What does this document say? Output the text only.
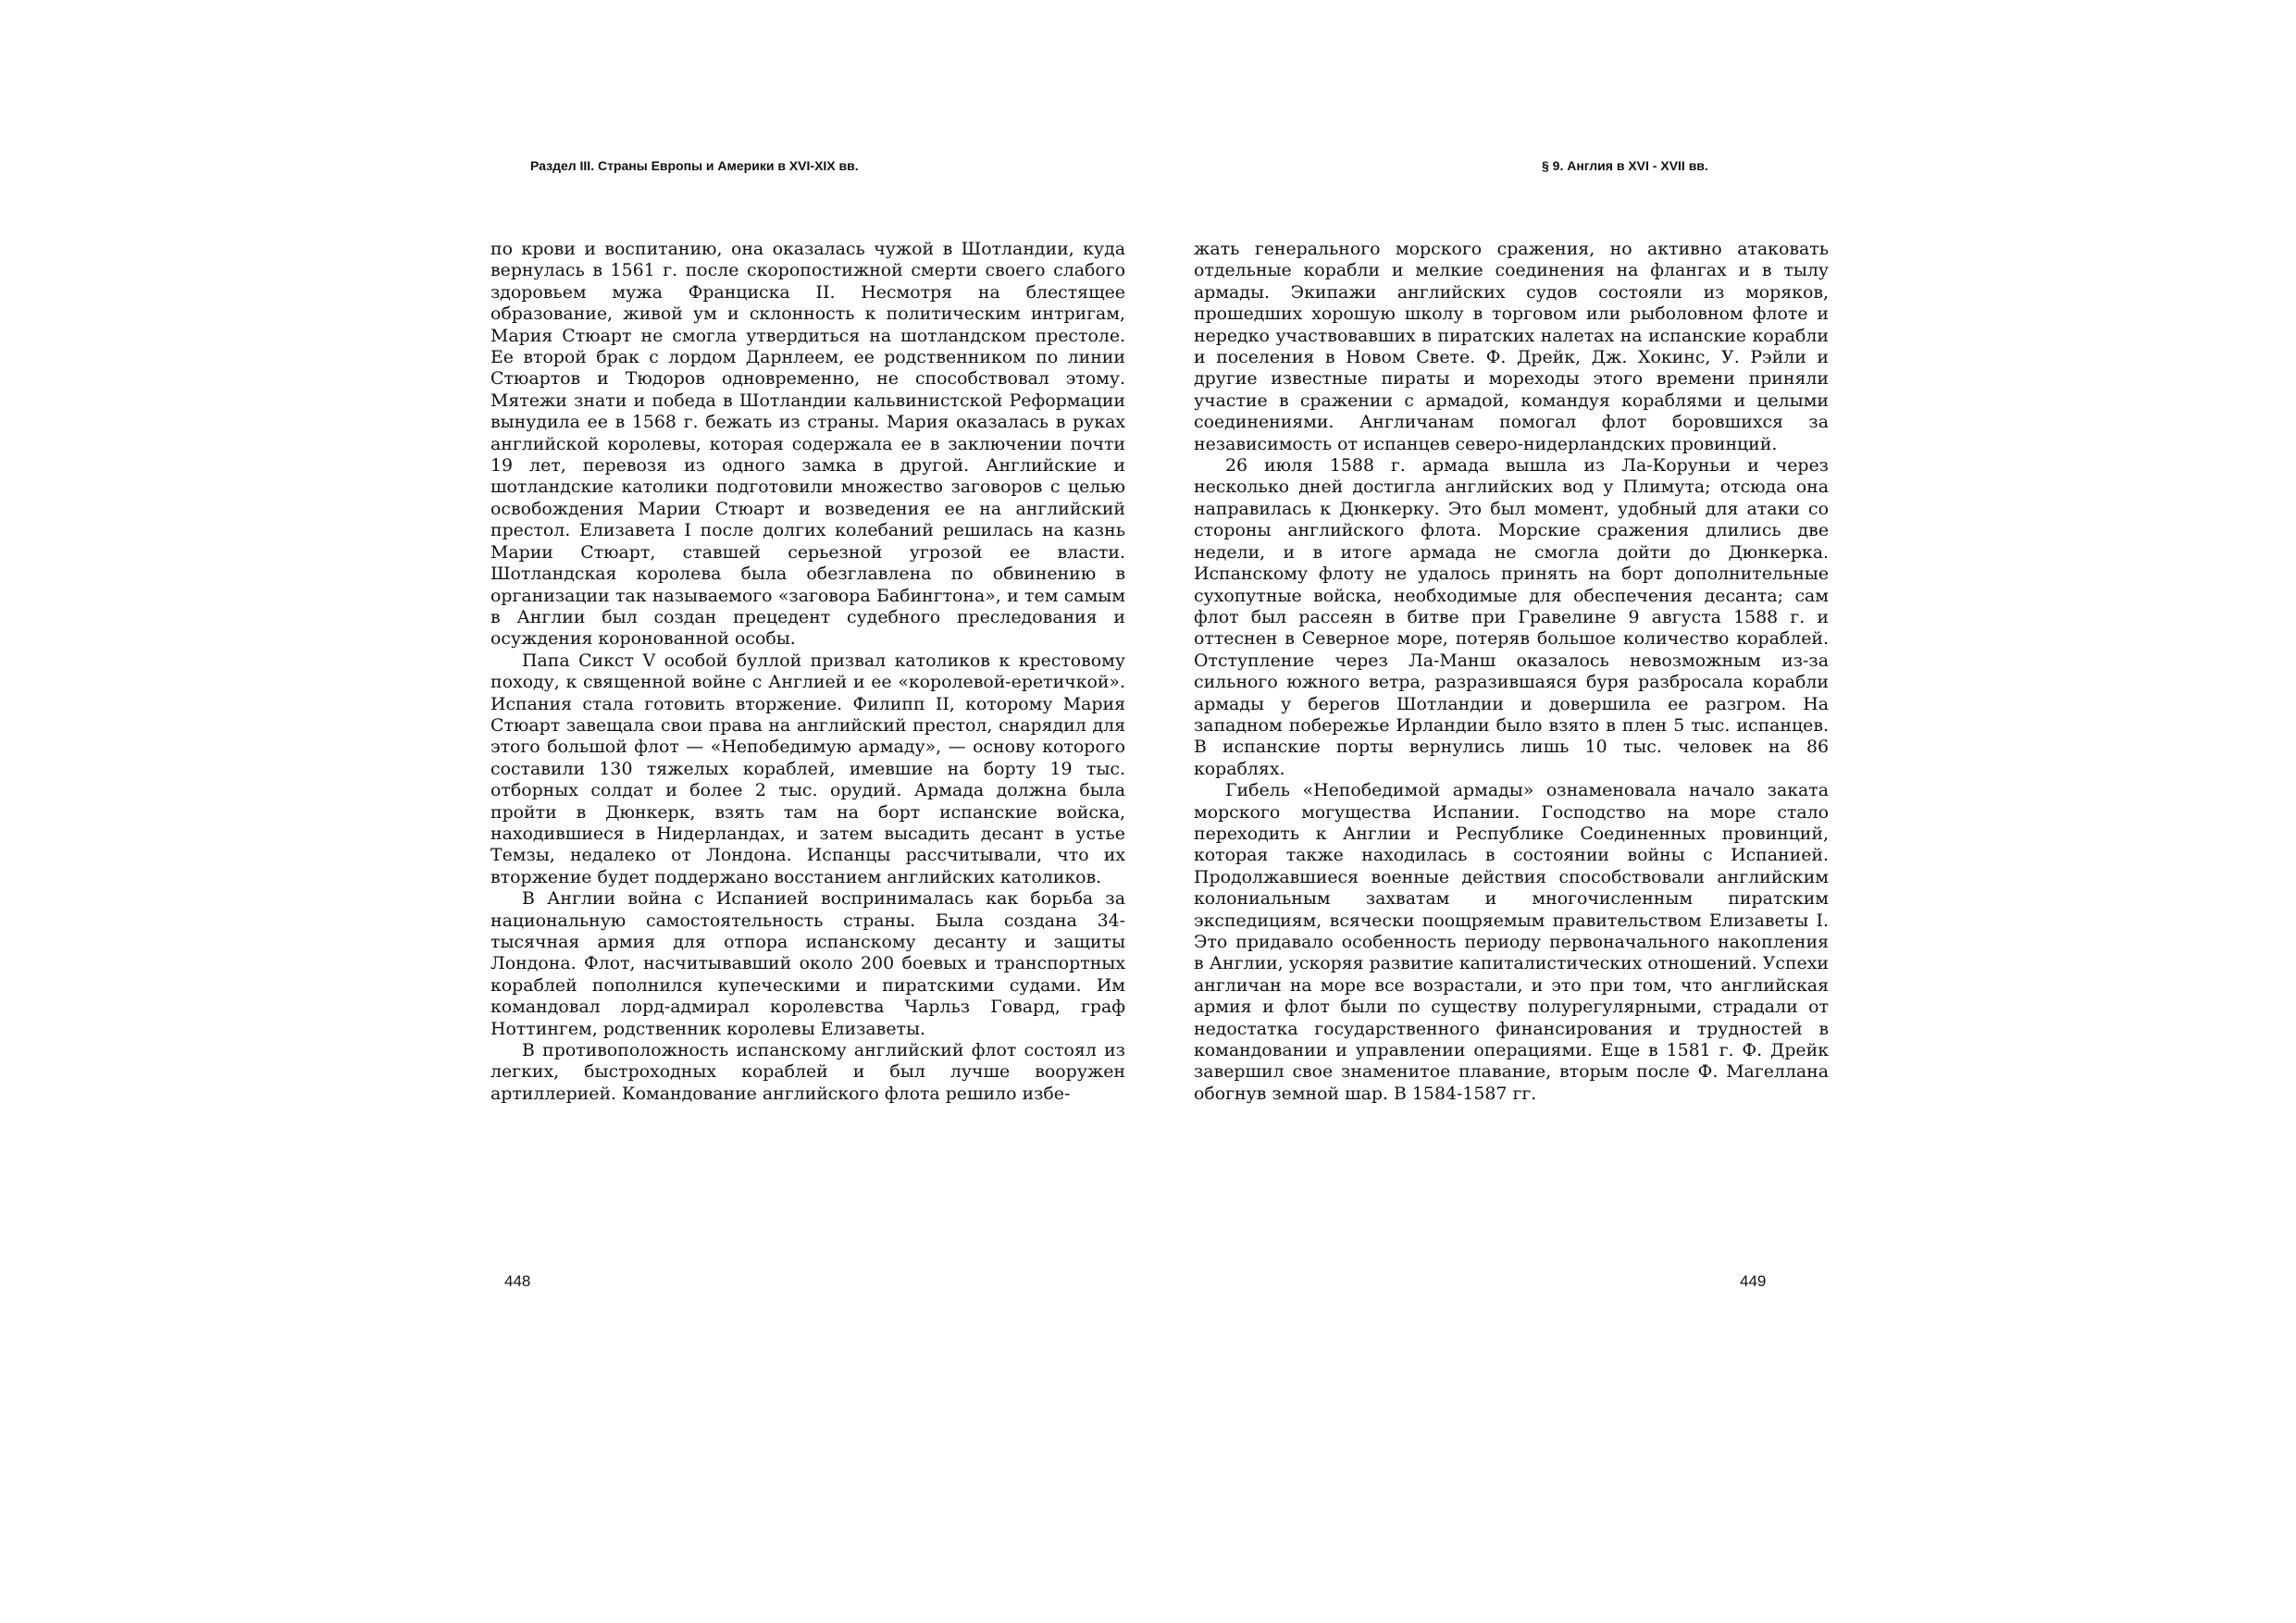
Раздел III. Страны Европы и Америки в XVI-XIX вв.	§ 9. Англия в XVI - XVII вв.

по крови и воспитанию, она оказалась чужой в Шотландии, куда вернулась в 1561 г. после скоропостижной смерти своего слабого здоровьем мужа Франциска II. Несмотря на блестящее образование, живой ум и склонность к политическим интригам, Мария Стюарт не смогла утвердиться на шотландском престоле. Ее второй брак с лордом Дарнлеем, ее родственником по линии Стюартов и Тюдоров одновременно, не способствовал этому. Мятежи знати и победа в Шотландии кальвинистской Реформации вынудила ее в 1568 г. бежать из страны. Мария оказалась в руках английской королевы, которая содержала ее в заключении почти 19 лет, перевозя из одного замка в другой. Английские и шотландские католики подготовили множество заговоров с целью освобождения Марии Стюарт и возведения ее на английский престол. Елизавета I после долгих колебаний решилась на казнь Марии Стюарт, ставшей серьезной угрозой ее власти. Шотландская королева была обезглавлена по обвинению в организации так называемого «заговора Бабингтона», и тем самым в Англии был создан прецедент судебного преследования и осуждения коронованной особы.

Папа Сикст V особой буллой призвал католиков к крестовому походу, к священной войне с Англией и ее «королевой-еретичкой». Испания стала готовить вторжение. Филипп II, которому Мария Стюарт завещала свои права на английский престол, снарядил для этого большой флот — «Непобедимую армаду», — основу которого составили 130 тяжелых кораблей, имевшие на борту 19 тыс. отборных солдат и более 2 тыс. орудий. Армада должна была пройти в Дюнкерк, взять там на борт испанские войска, находившиеся в Нидерландах, и затем высадить десант в устье Темзы, недалеко от Лондона. Испанцы рассчитывали, что их вторжение будет поддержано восстанием английских католиков.

В Англии война с Испанией воспринималась как борьба за национальную самостоятельность страны. Была создана 34-тысячная армия для отпора испанскому десанту и защиты Лондона. Флот, насчитывавший около 200 боевых и транспортных кораблей пополнился купеческими и пиратскими судами. Им командовал лорд-адмирал королевства Чарльз Говард, граф Ноттингем, родственник королевы Елизаветы.

В противоположность испанскому английский флот состоял из легких, быстроходных кораблей и был лучше вооружен артиллерией. Командование английского флота решило избе-

жать генерального морского сражения, но активно атаковать отдельные корабли и мелкие соединения на флангах и в тылу армады. Экипажи английских судов состояли из моряков, прошедших хорошую школу в торговом или рыболовном флоте и нередко участвовавших в пиратских налетах на испанские корабли и поселения в Новом Свете. Ф. Дрейк, Дж. Хокинс, У. Рэйли и другие известные пираты и мореходы этого времени приняли участие в сражении с армадой, командуя кораблями и целыми соединениями. Англичанам помогал флот боровшихся за независимость от испанцев северо-нидерландских провинций.

26 июля 1588 г. армада вышла из Ла-Коруньи и через несколько дней достигла английских вод у Плимута; отсюда она направилась к Дюнкерку. Это был момент, удобный для атаки со стороны английского флота. Морские сражения длились две недели, и в итоге армада не смогла дойти до Дюнкерка. Испанскому флоту не удалось принять на борт дополнительные сухопутные войска, необходимые для обеспечения десанта; сам флот был рассеян в битве при Гравелине 9 августа 1588 г. и оттеснен в Северное море, потеряв большое количество кораблей. Отступление через Ла-Манш оказалось невозможным из-за сильного южного ветра, разразившаяся буря разбросала корабли армады у берегов Шотландии и довершила ее разгром. На западном побережье Ирландии было взято в плен 5 тыс. испанцев. В испанские порты вернулись лишь 10 тыс. человек на 86 кораблях.

Гибель «Непобедимой армады» ознаменовала начало заката морского могущества Испании. Господство на море стало переходить к Англии и Республике Соединенных провинций, которая также находилась в состоянии войны с Испанией. Продолжавшиеся военные действия способствовали английским колониальным захватам и многочисленным пиратским экспедициям, всячески поощряемым правительством Елизаветы I. Это придавало особенность периоду первоначального накопления в Англии, ускоряя развитие капиталистических отношений. Успехи англичан на море все возрастали, и это при том, что английская армия и флот были по существу полурегулярными, страдали от недостатка государственного финансирования и трудностей в командовании и управлении операциями. Еще в 1581 г. Ф. Дрейк завершил свое знаменитое плавание, вторым после Ф. Магеллана обогнув земной шар. В 1584-1587 гг.

448	449
